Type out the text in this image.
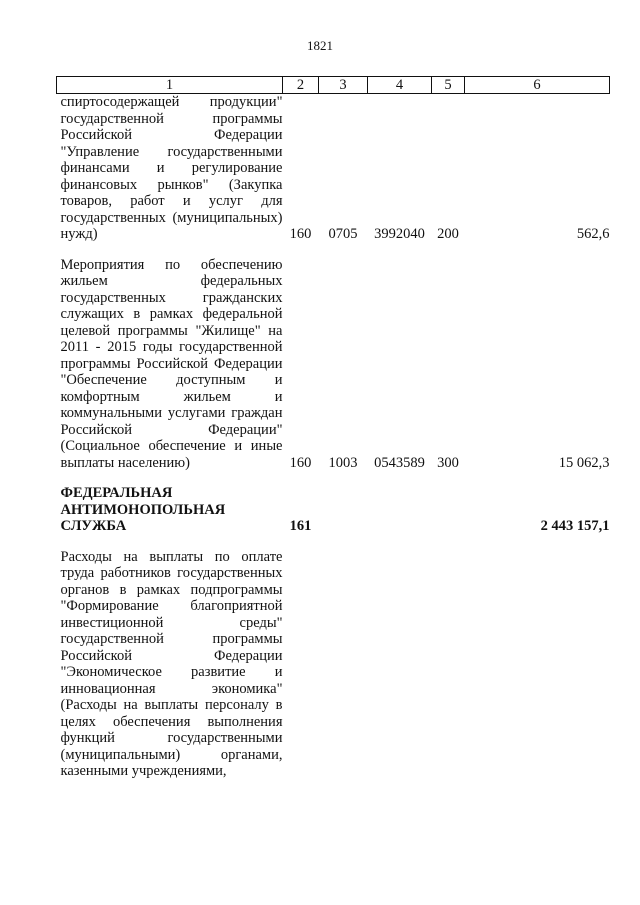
1821
1	2	3	4	5	6

спиртосодержащей продукции" государственной программы Российской Федерации "Управление государственными финансами и регулирование финансовых рынков" (Закупка товаров, работ и услуг для государственных (муниципальных) нужд)	160	0705	3992040	200	562,6

Мероприятия по обеспечению жильем федеральных государственных гражданских служащих в рамках федеральной целевой программы "Жилище" на 2011 - 2015 годы государственной программы Российской Федерации "Обеспечение доступным и комфортным жильем и коммунальными услугами граждан Российской Федерации" (Социальное обеспечение и иные выплаты населению)	160	1003	0543589	300	15 062,3

ФЕДЕРАЛЬНАЯ АНТИМОНОПОЛЬНАЯ СЛУЖБА	161				2 443 157,1

Расходы на выплаты по оплате труда работников государственных органов в рамках подпрограммы "Формирование благоприятной инвестиционной среды" государственной программы Российской Федерации "Экономическое развитие и инновационная экономика" (Расходы на выплаты персоналу в целях обеспечения выполнения функций государственными (муниципальными) органами, казенными учреждениями,					
